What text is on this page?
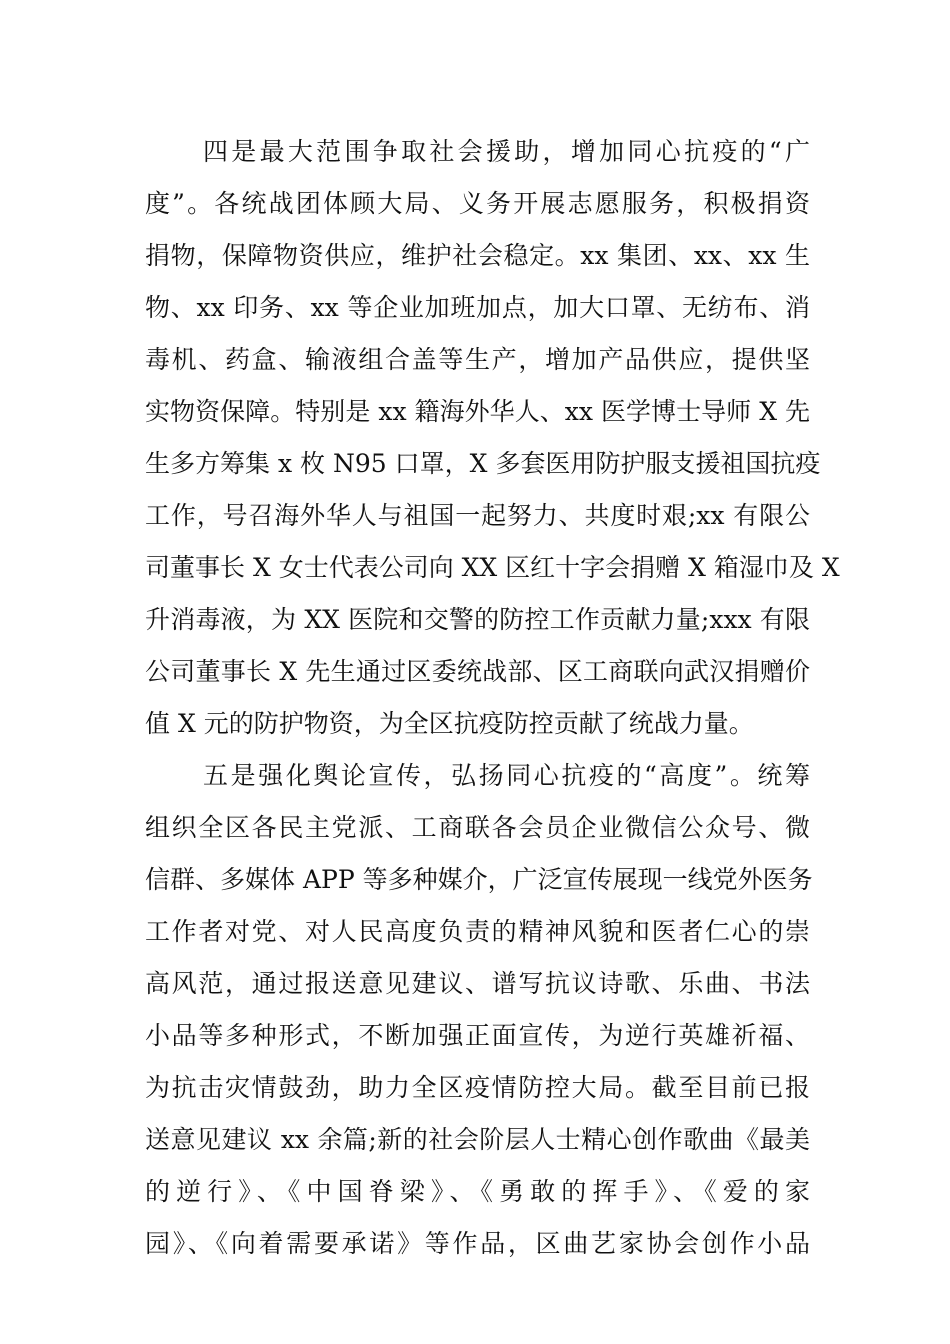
四是最大范围争取社会援助，增加同心抗疫的“广
度”。各统战团体顾大局、义务开展志愿服务，积极捐资
捐物，保障物资供应，维护社会稳定。xx 集团、xx、xx 生
物、xx 印务、xx 等企业加班加点，加大口罩、无纺布、消
毒机、药盒、输液组合盖等生产，增加产品供应，提供坚
实物资保障。特别是 xx 籍海外华人、xx 医学博士导师 X 先
生多方筹集 x 枚 N95 口罩，X 多套医用防护服支援祖国抗疫
工作，号召海外华人与祖国一起努力、共度时艰;xx 有限公
司董事长 X 女士代表公司向 XX 区红十字会捐赠 X 箱湿巾及 X
升消毒液，为 XX 医院和交警的防控工作贡献力量;xxx 有限
公司董事长 X 先生通过区委统战部、区工商联向武汉捐赠价
值 X 元的防护物资，为全区抗疫防控贡献了统战力量。
五是强化舆论宣传，弘扬同心抗疫的“高度”。统筹
组织全区各民主党派、工商联各会员企业微信公众号、微
信群、多媒体 APP 等多种媒介，广泛宣传展现一线党外医务
工作者对党、对人民高度负责的精神风貌和医者仁心的崇
高风范，通过报送意见建议、谱写抗议诗歌、乐曲、书法
小品等多种形式，不断加强正面宣传，为逆行英雄祈福、
为抗击灾情鼓劲，助力全区疫情防控大局。截至目前已报
送意见建议 xx 余篇;新的社会阶层人士精心创作歌曲《最美
的逆行》、《中国脊梁》、《勇敢的挥手》、《爱的家
园》、《向着需要承诺》等作品，区曲艺家协会创作小品
